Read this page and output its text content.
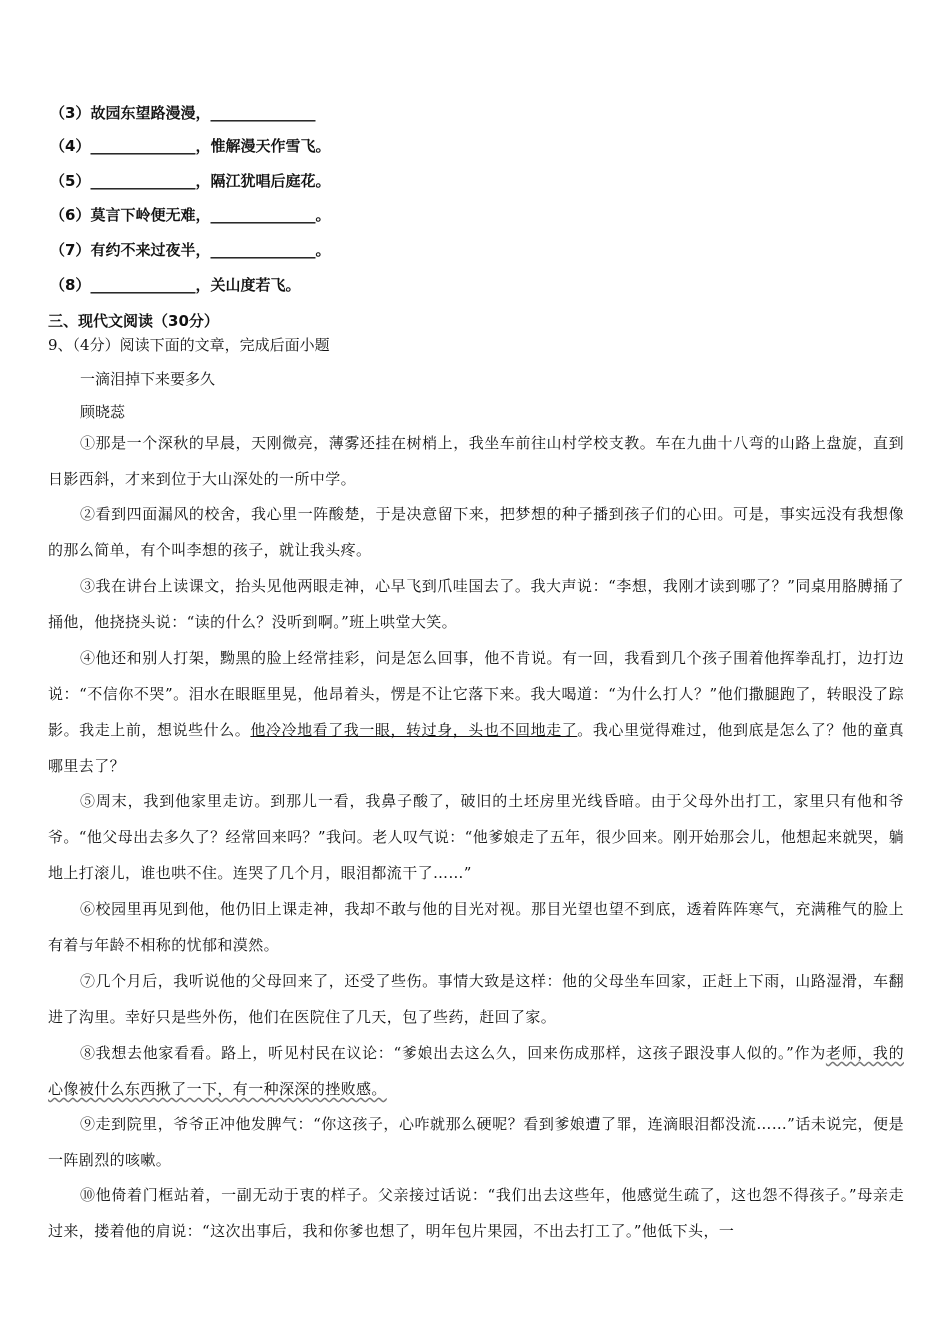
（3）故园东望路漫漫，______________
（4）______________，惟解漫天作雪飞。
（5）______________，隔江犹唱后庭花。
（6）莫言下岭便无难，______________。
（7）有约不来过夜半，______________。
（8）______________，关山度若飞。
三、现代文阅读（30分）
9、（4分）阅读下面的文章，完成后面小题
一滴泪掉下来要多久
顾晓蕊

①那是一个深秋的早晨，天刚微亮，薄雾还挂在树梢上，我坐车前往山村学校支教。车在九曲十八弯的山路上盘旋，直到日影西斜，才来到位于大山深处的一所中学。

②看到四面漏风的校舍，我心里一阵酸楚，于是决意留下来，把梦想的种子播到孩子们的心田。可是，事实远没有我想像的那么简单，有个叫李想的孩子，就让我头疼。

③我在讲台上读课文，抬头见他两眼走神，心早飞到爪哇国去了。我大声说：“李想，我刚才读到哪了？”同桌用胳膊捅了捅他，他挠挠头说：“读的什么？没听到啊。”班上哄堂大笑。

④他还和别人打架，黝黑的脸上经常挂彩，问是怎么回事，他不肯说。有一回，我看到几个孩子围着他挥拳乱打，边打边说：“不信你不哭”。泪水在眼眶里晃，他昂着头，愣是不让它落下来。我大喝道：“为什么打人？”他们撒腿跑了，转眼没了踪影。我走上前，想说些什么。他冷冷地看了我一眼，转过身，头也不回地走了。我心里觉得难过，他到底是怎么了？他的童真哪里去了？

⑤周末，我到他家里走访。到那儿一看，我鼻子酸了，破旧的土坯房里光线昏暗。由于父母外出打工，家里只有他和爷爷。“他父母出去多久了？经常回来吗？”我问。老人叹气说：“他爹娘走了五年，很少回来。刚开始那会儿，他想起来就哭，躺地上打滚儿，谁也哄不住。连哭了几个月，眼泪都流干了……”

⑥校园里再见到他，他仍旧上课走神，我却不敢与他的目光对视。那目光望也望不到底，透着阵阵寒气，充满稚气的脸上有着与年龄不相称的忧郁和漠然。

⑦几个月后，我听说他的父母回来了，还受了些伤。事情大致是这样：他的父母坐车回家，正赶上下雨，山路湿滑，车翻进了沟里。幸好只是些外伤，他们在医院住了几天，包了些药，赶回了家。

⑧我想去他家看看。路上，听见村民在议论：“爹娘出去这么久，回来伤成那样，这孩子跟没事人似的。”作为老师，我的心像被什么东西揪了一下，有一种深深的挫败感。

⑨走到院里，爷爷正冲他发脾气：“你这孩子，心咋就那么硬呢？看到爹娘遭了罪，连滴眼泪都没流……”话未说完，便是一阵剧烈的咳嗽。

⑩他倚着门框站着，一副无动于衷的样子。父亲接过话说：“我们出去这些年，他感觉生疏了，这也怨不得孩子。”母亲走过来，搂着他的肩说：“这次出事后，我和你爹也想了，明年包片果园，不出去打工了。”他低下头，一
